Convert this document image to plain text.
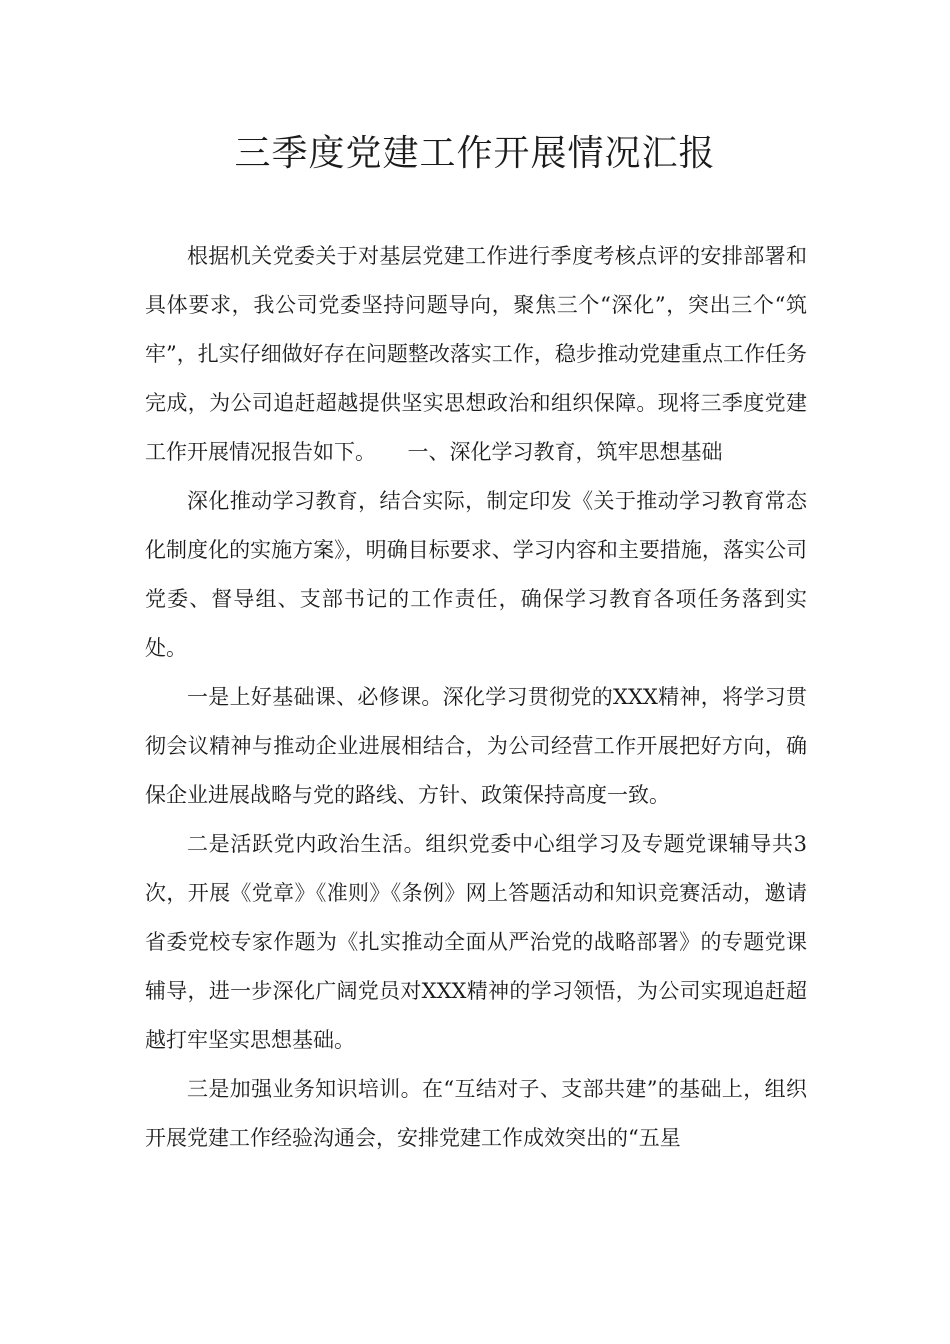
三季度党建工作开展情况汇报

根据机关党委关于对基层党建工作进行季度考核点评的安排部署和具体要求，我公司党委坚持问题导向，聚焦三个“深化”，突出三个“筑牢”，扎实仔细做好存在问题整改落实工作，稳步推动党建重点工作任务完成，为公司追赶超越提供坚实思想政治和组织保障。现将三季度党建工作开展情况报告如下。　　一、深化学习教育，筑牢思想基础

深化推动学习教育，结合实际，制定印发《关于推动学习教育常态化制度化的实施方案》，明确目标要求、学习内容和主要措施，落实公司党委、督导组、支部书记的工作责任，确保学习教育各项任务落到实处。

一是上好基础课、必修课。深化学习贯彻党的XXX精神，将学习贯彻会议精神与推动企业进展相结合，为公司经营工作开展把好方向，确保企业进展战略与党的路线、方针、政策保持高度一致。

二是活跃党内政治生活。组织党委中心组学习及专题党课辅导共3次，开展《党章》《准则》《条例》网上答题活动和知识竞赛活动，邀请省委党校专家作题为《扎实推动全面从严治党的战略部署》的专题党课辅导，进一步深化广阔党员对XXX精神的学习领悟，为公司实现追赶超越打牢坚实思想基础。

三是加强业务知识培训。在“互结对子、支部共建”的基础上，组织开展党建工作经验沟通会，安排党建工作成效突出的“五星
